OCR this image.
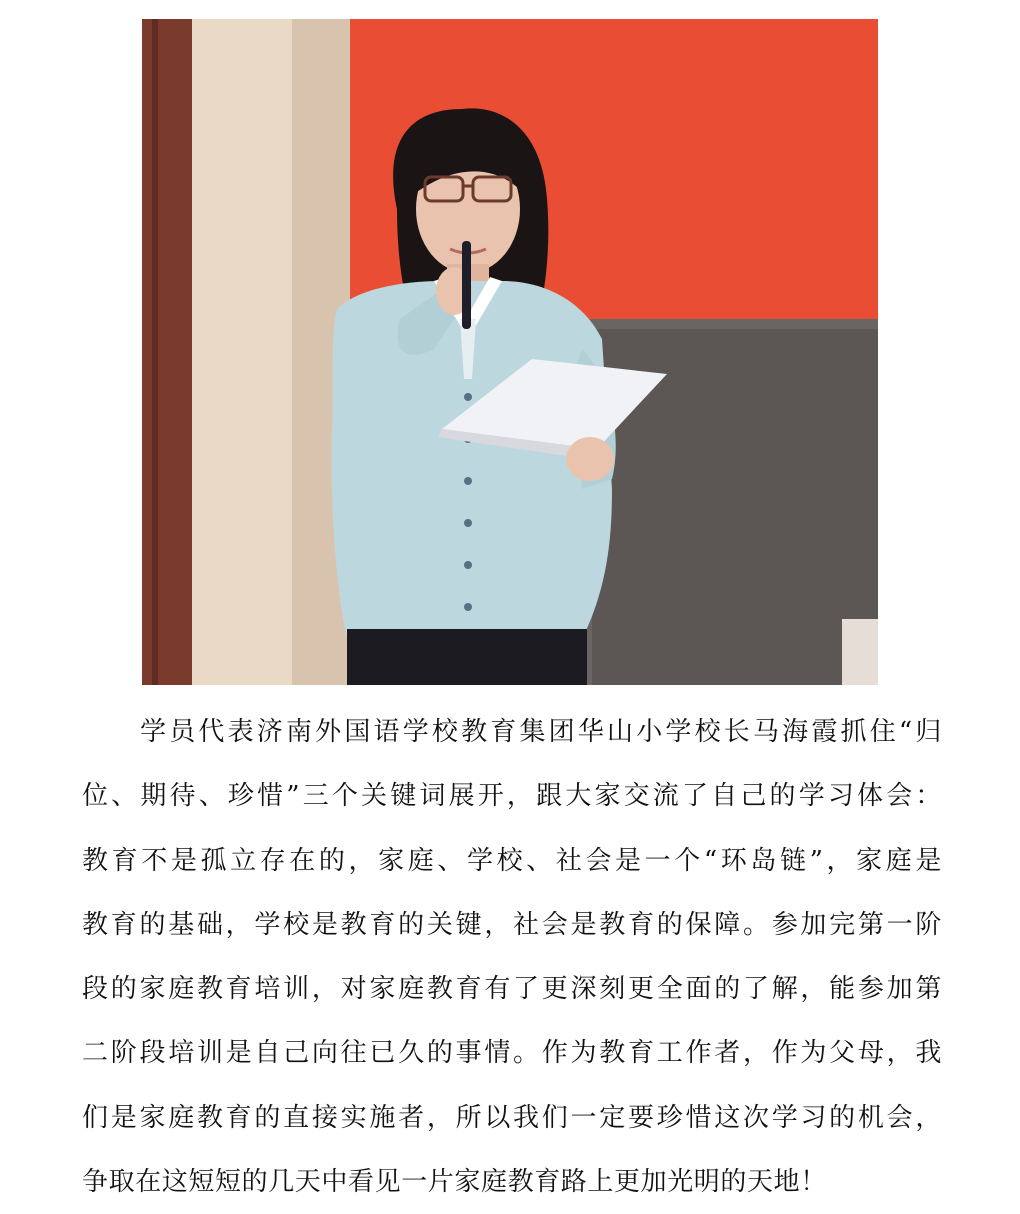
学员代表济南外国语学校教育集团华山小学校长马海霞抓住“归
位、期待、珍惜”三个关键词展开，跟大家交流了自己的学习体会：
教育不是孤立存在的，家庭、学校、社会是一个“环岛链”，家庭是
教育的基础，学校是教育的关键，社会是教育的保障。参加完第一阶
段的家庭教育培训，对家庭教育有了更深刻更全面的了解，能参加第
二阶段培训是自己向往已久的事情。作为教育工作者，作为父母，我
们是家庭教育的直接实施者，所以我们一定要珍惜这次学习的机会，
争取在这短短的几天中看见一片家庭教育路上更加光明的天地！
